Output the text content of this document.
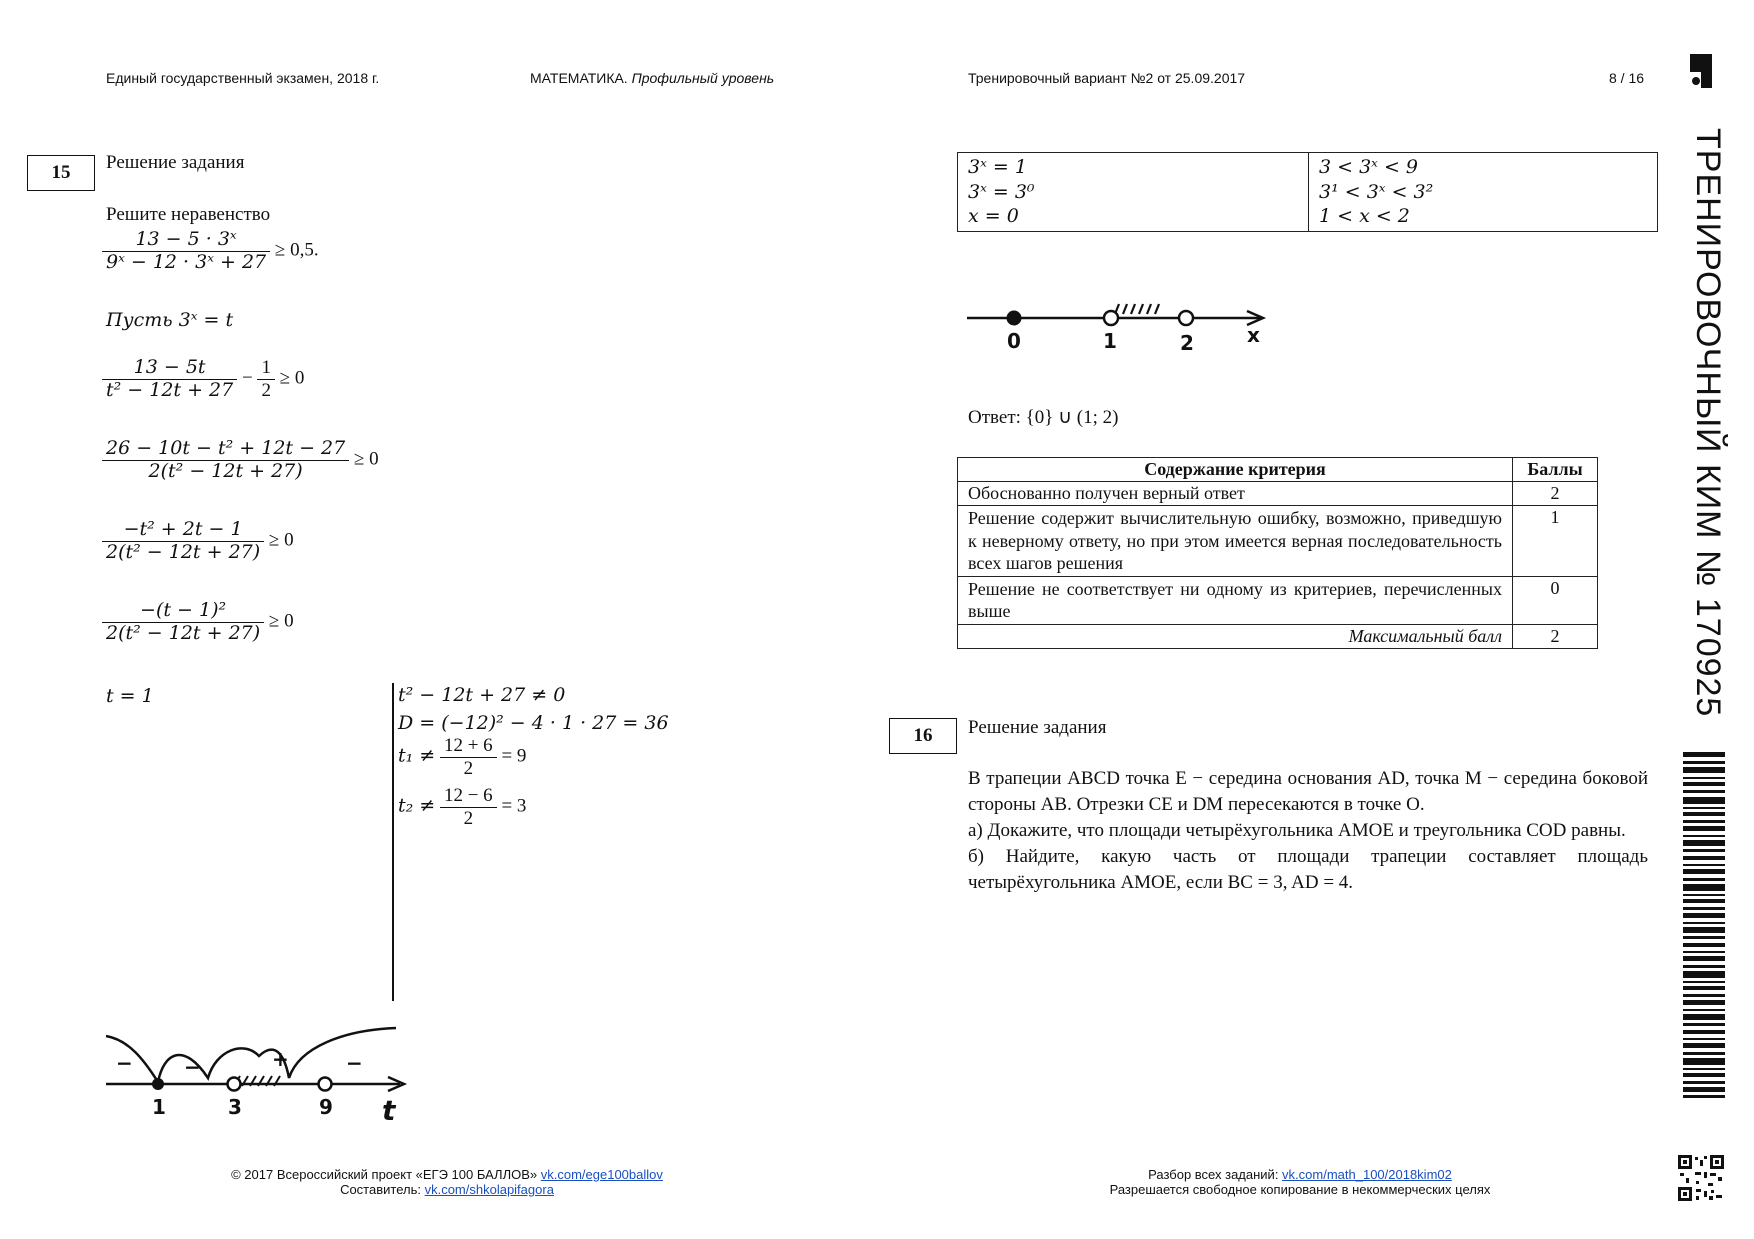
Единый государственный экзамен, 2018 г.	МАТЕМАТИКА. Профильный уровень	Тренировочный вариант №2 от 25.09.2017	8 / 16
ТРЕНИРОВОЧНЫЙ КИМ № 170925
15	Решение задания
Решите неравенство
$\frac{\text{13 − 5 · 3ˣ}}{\text{9ˣ − 12 · 3ˣ + 27}} \ge 0,5$.
Пусть 3ˣ = t
$\frac{13 - 5t}{\text{t² − 12t + 27}} - \frac{1}{2} \ge 0$
$\frac{\text{26 − 10t − t² + 12t − 27}}{\text{2(t² − 12t + 27)}} \ge 0$
$\frac{\text{−t² + 2t − 1}}{\text{2(t² − 12t + 27)}} \ge 0$
$\frac{\text{−(t − 1)²}}{\text{2(t² − 12t + 27)}} \ge 0$
t = 1	t² − 12t + 27 ≠ 0
D = (−12)² − 4 · 1 · 27 = 36
$t_1 \ne \frac{12 + 6}{2} = 9$
$t_2 \ne \frac{12 - 6}{2} = 3$
−	−	+	−
1	3	9 t
3ˣ = 1
3ˣ = 3⁰
x = 0

3 < 3ˣ < 9
3¹ < 3ˣ < 3²
1 < x < 2
0	1	2	x
Ответ: {0} ∪ (1; 2)
Содержание критерия	Баллы
Обоснованно получен верный ответ	2
Решение содержит вычислительную ошибку, возможно, приведшую к неверному ответу, но при этом имеется верная последовательность всех шагов решения	1
Решение не соответствует ни одному из критериев, перечисленных выше	0
Максимальный балл	2
16	Решение задания
В трапеции ABCD точка E − середина основания AD, точка M − середина боковой стороны AB. Отрезки CE и DM пересекаются в точке O.
а) Докажите, что площади четырёхугольника AMOE и треугольника COD равны.
б) Найдите, какую часть от площади трапеции составляет площадь четырёхугольника AMOE, если BC = 3, AD = 4.
© 2017 Всероссийский проект «ЕГЭ 100 БАЛЛОВ» vk.com/ege100ballov
Составитель: vk.com/shkolapifagora
Разбор всех заданий: vk.com/math_100/2018kim02
Разрешается свободное копирование в некоммерческих целях
